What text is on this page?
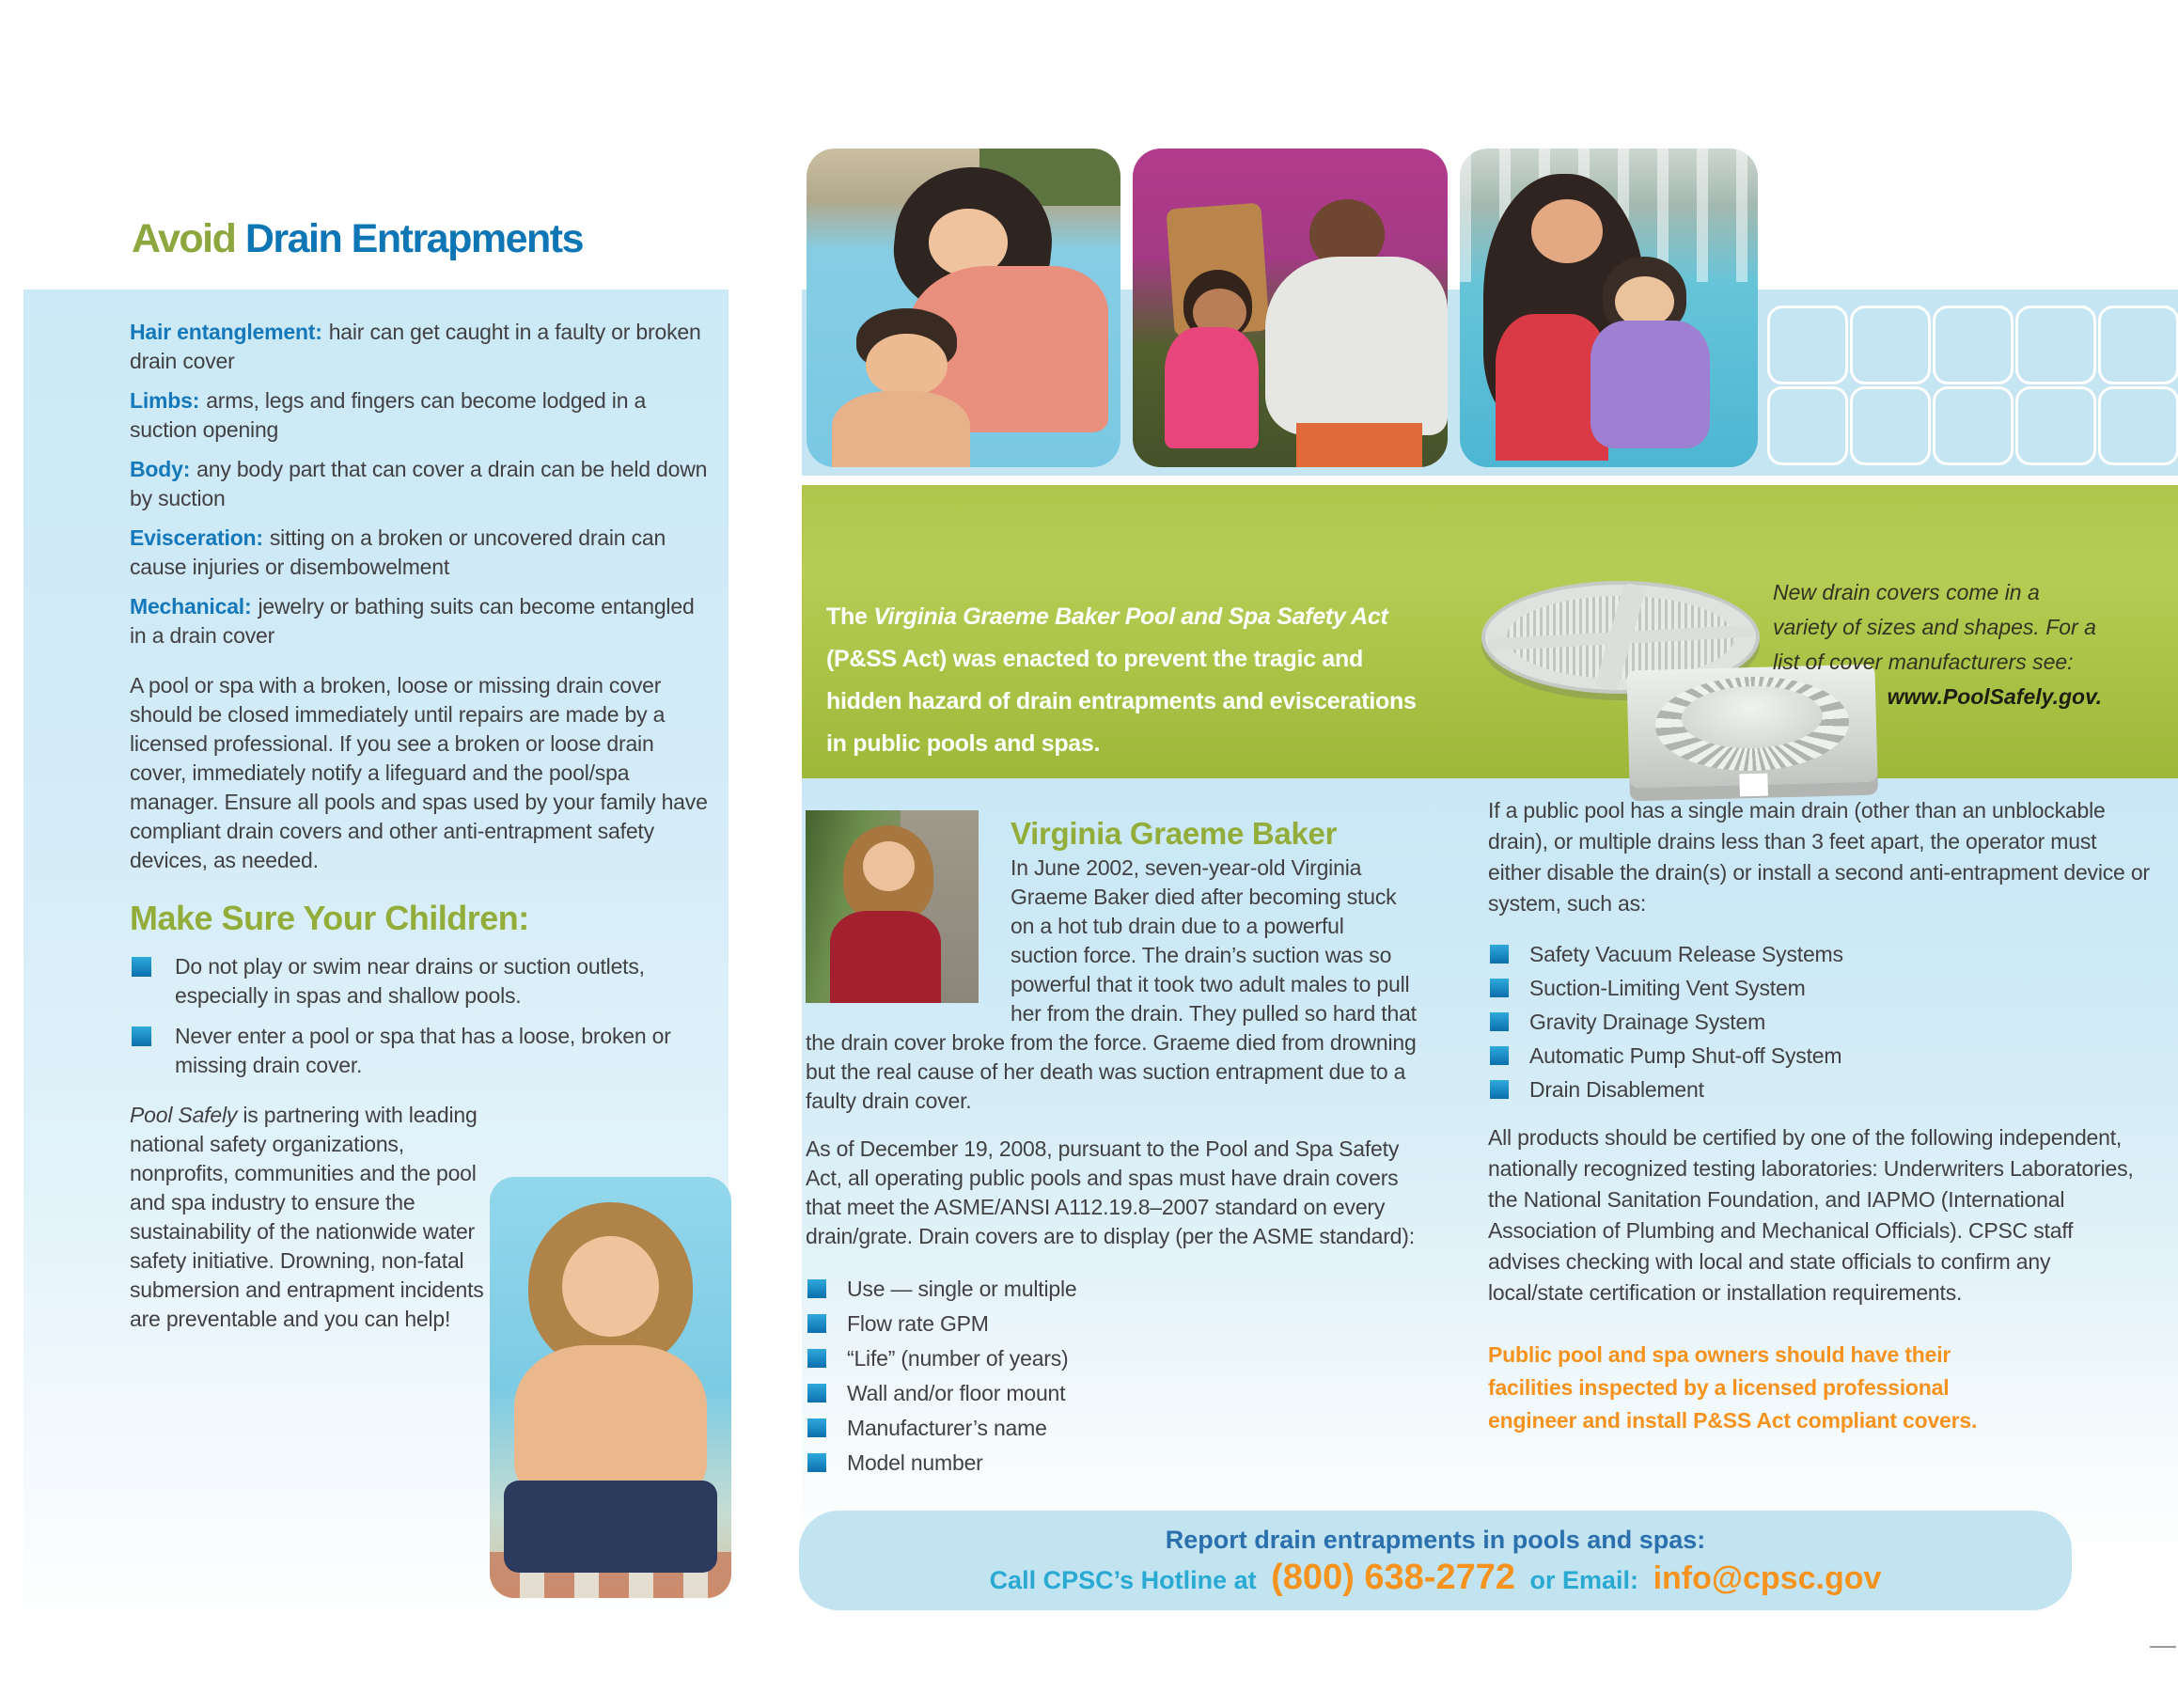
Avoid Drain Entrapments

Hair entanglement: hair can get caught in a faulty or broken drain cover

Limbs: arms, legs and fingers can become lodged in a suction opening

Body: any body part that can cover a drain can be held down by suction

Evisceration: sitting on a broken or uncovered drain can cause injuries or disembowelment

Mechanical: jewelry or bathing suits can become entangled in a drain cover

A pool or spa with a broken, loose or missing drain cover should be closed immediately until repairs are made by a licensed professional. If you see a broken or loose drain cover, immediately notify a lifeguard and the pool/spa manager. Ensure all pools and spas used by your family have compliant drain covers and other anti-entrapment safety devices, as needed.

Make Sure Your Children:
Do not play or swim near drains or suction outlets, especially in spas and shallow pools.
Never enter a pool or spa that has a loose, broken or missing drain cover.

Pool Safely is partnering with leading national safety organizations, nonprofits, communities and the pool and spa industry to ensure the sustainability of the nationwide water safety initiative. Drowning, non-fatal submersion and entrapment incidents are preventable and you can help!

The Virginia Graeme Baker Pool and Spa Safety Act
(P&SS Act) was enacted to prevent the tragic and
hidden hazard of drain entrapments and eviscerations
in public pools and spas.
New drain covers come in a
variety of sizes and shapes. For a
list of cover manufacturers see:
www.PoolSafely.gov.
Virginia Graeme Baker
In June 2002, seven-year-old Virginia Graeme Baker died after becoming stuck on a hot tub drain due to a powerful suction force. The drain’s suction was so powerful that it took two adult males to pull her from the drain. They pulled so hard that the drain cover broke from the force. Graeme died from drowning but the real cause of her death was suction entrapment due to a faulty drain cover.

As of December 19, 2008, pursuant to the Pool and Spa Safety Act, all operating public pools and spas must have drain covers that meet the ASME/ANSI A112.19.8–2007 standard on every drain/grate. Drain covers are to display (per the ASME standard):

Use — single or multiple
Flow rate GPM
“Life” (number of years)
Wall and/or floor mount
Manufacturer’s name
Model number

If a public pool has a single main drain (other than an unblockable drain), or multiple drains less than 3 feet apart, the operator must either disable the drain(s) or install a second anti-entrapment device or system, such as:

Safety Vacuum Release Systems
Suction-Limiting Vent System
Gravity Drainage System
Automatic Pump Shut-off System
Drain Disablement

All products should be certified by one of the following independent, nationally recognized testing laboratories: Underwriters Laboratories, the National Sanitation Foundation, and IAPMO (International Association of Plumbing and Mechanical Officials). CPSC staff advises checking with local and state officials to confirm any local/state certification or installation requirements.

Public pool and spa owners should have their facilities inspected by a licensed professional engineer and install P&SS Act compliant covers.

Report drain entrapments in pools and spas:
Call CPSC’s Hotline at (800) 638-2772 or Email: info@cpsc.gov
